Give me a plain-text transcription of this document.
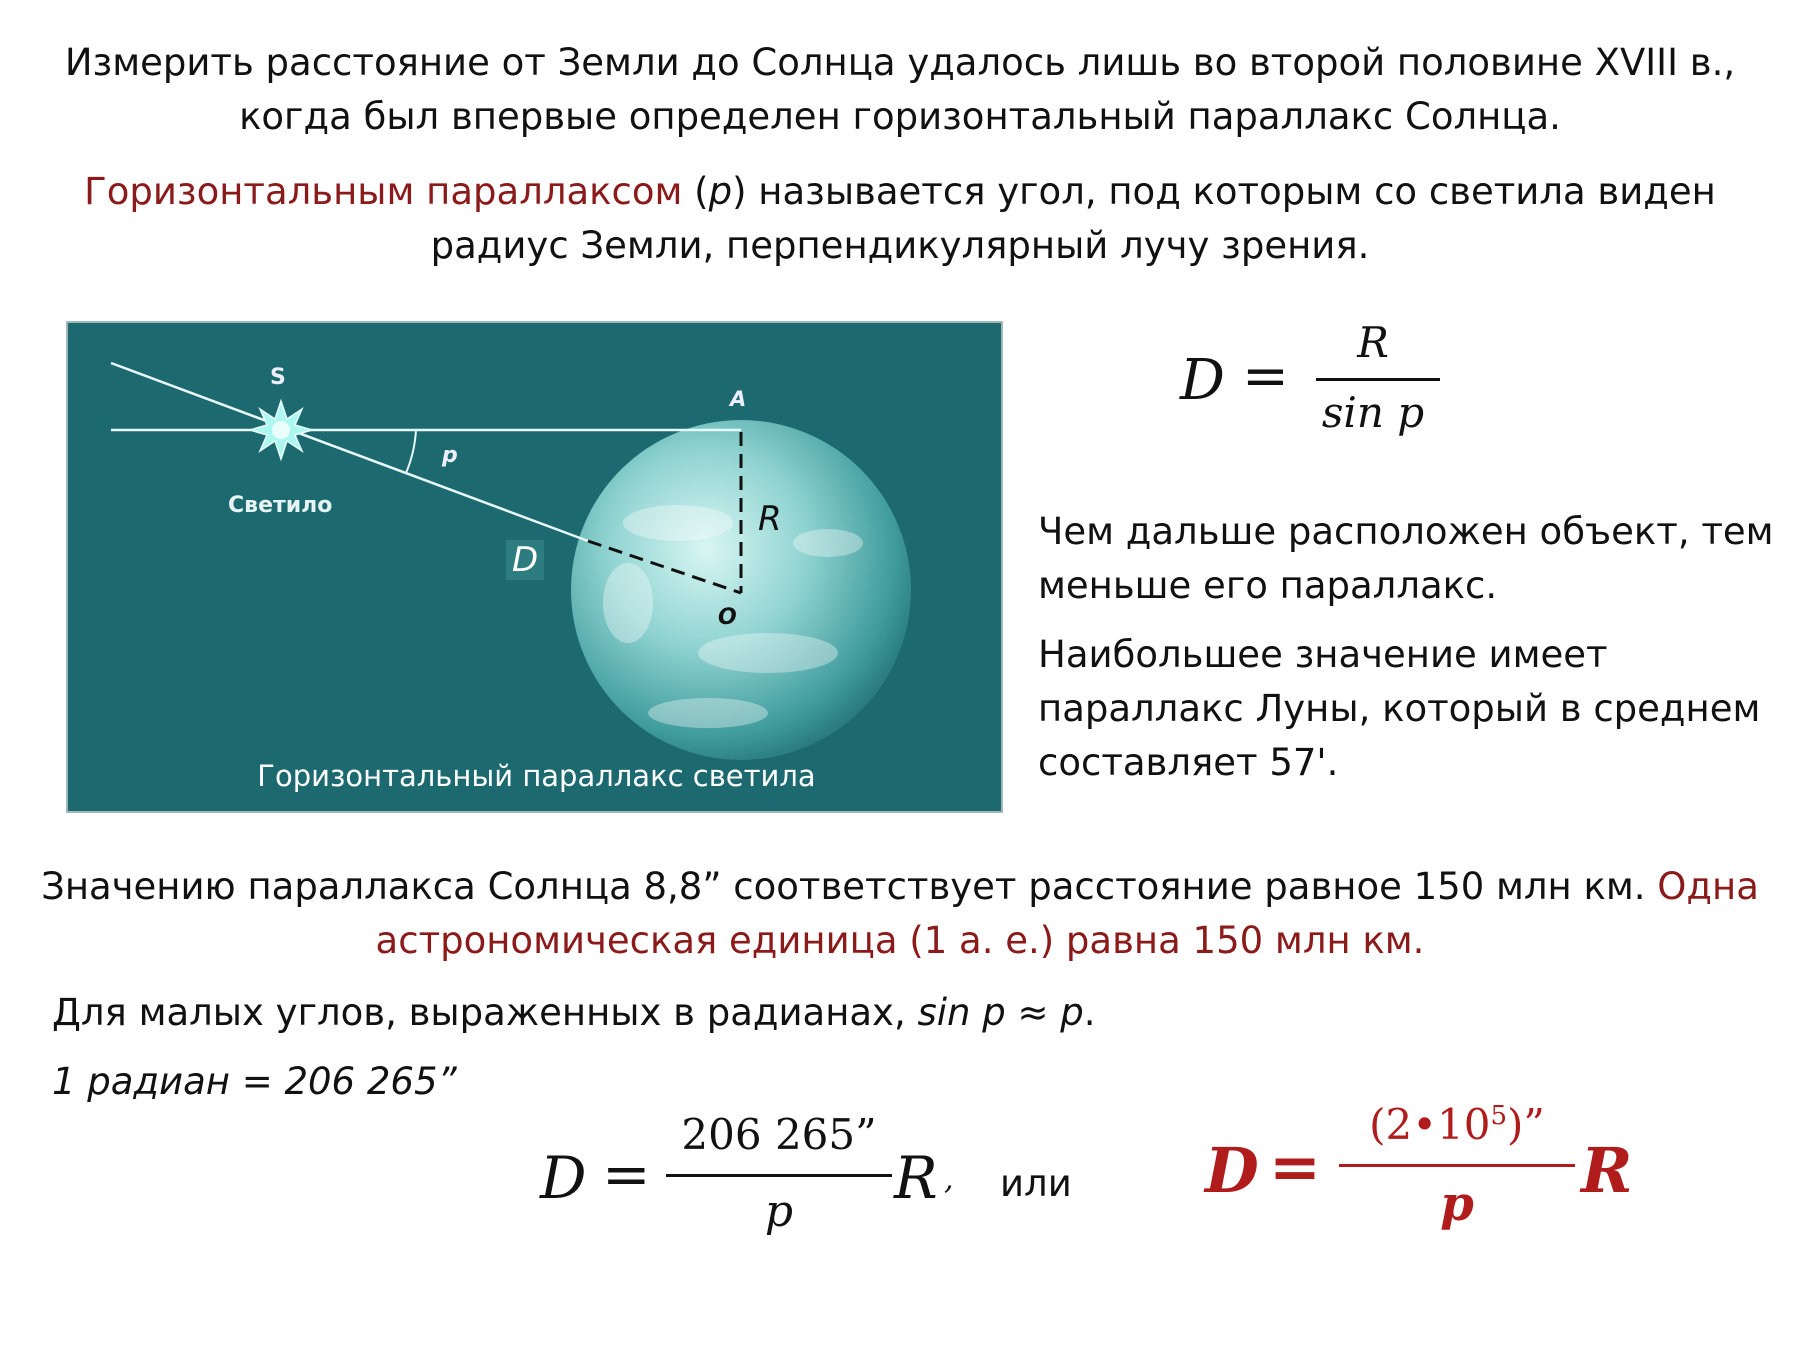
Измерить расстояние от Земли до Солнца удалось лишь во второй половине XVIII в.,
когда был впервые определен горизонтальный параллакс Солнца.

Горизонтальным параллаксом (p) называется угол, под которым со светила виден
радиус Земли, перпендикулярный лучу зрения.

S
A
p
Светило	R
D
O
Горизонтальный параллакс светила
D =
R
sin p

Чем дальше расположен объект, тем
меньше его параллакс.

Наибольшее значение имеет
параллакс Луны, который в среднем
составляет 57'.

Значению параллакса Солнца 8,8” соответствует расстояние равное 150 млн км. Одна
астрономическая единица (1 а. е.) равна 150 млн км.

Для малых углов, выраженных в радианах, sin p ≈ p.

1 радиан = 206 265”

D =
206 265”
p	R , или D =
$(2•10^5)$”
p	R
